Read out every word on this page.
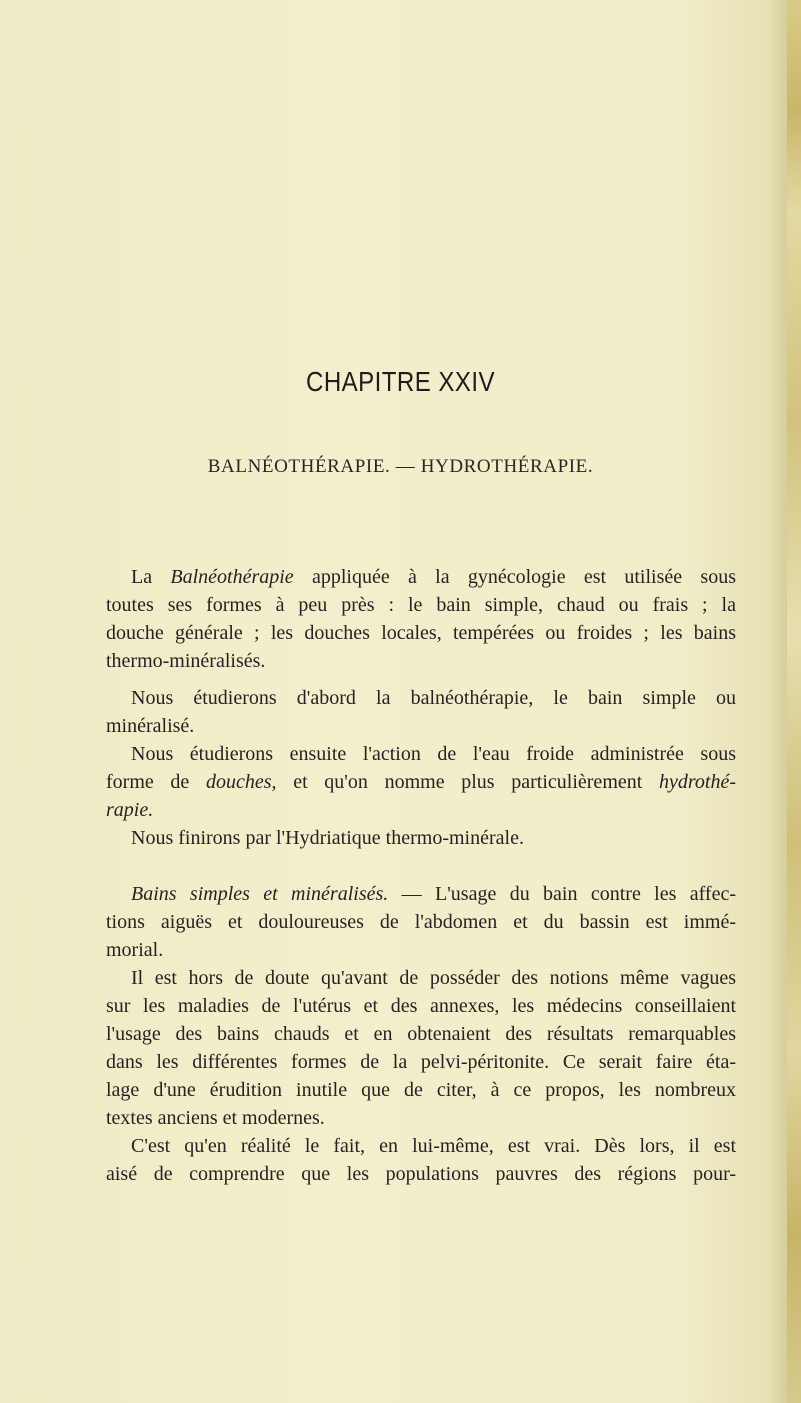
CHAPITRE XXIV
BALNÉOTHÉRAPIE. — HYDROTHÉRAPIE.

La Balnéothérapie appliquée à la gynécologie est utilisée sous

toutes ses formes à peu près : le bain simple, chaud ou frais ; la

douche générale ; les douches locales, tempérées ou froides ; les bains

thermo-minéralisés.

Nous étudierons d'abord la balnéothérapie, le bain simple ou

minéralisé.

Nous étudierons ensuite l'action de l'eau froide administrée sous

forme de douches, et qu'on nomme plus particulièrement hydrothé-

rapie.

Nous finirons par l'Hydriatique thermo-minérale.

Bains simples et minéralisés. — L'usage du bain contre les affec-

tions aiguës et douloureuses de l'abdomen et du bassin est immé-

morial.

Il est hors de doute qu'avant de posséder des notions même vagues

sur les maladies de l'utérus et des annexes, les médecins conseillaient

l'usage des bains chauds et en obtenaient des résultats remarquables

dans les différentes formes de la pelvi-péritonite. Ce serait faire éta-

lage d'une érudition inutile que de citer, à ce propos, les nombreux

textes anciens et modernes.

C'est qu'en réalité le fait, en lui-même, est vrai. Dès lors, il est

aisé de comprendre que les populations pauvres des régions pour-
